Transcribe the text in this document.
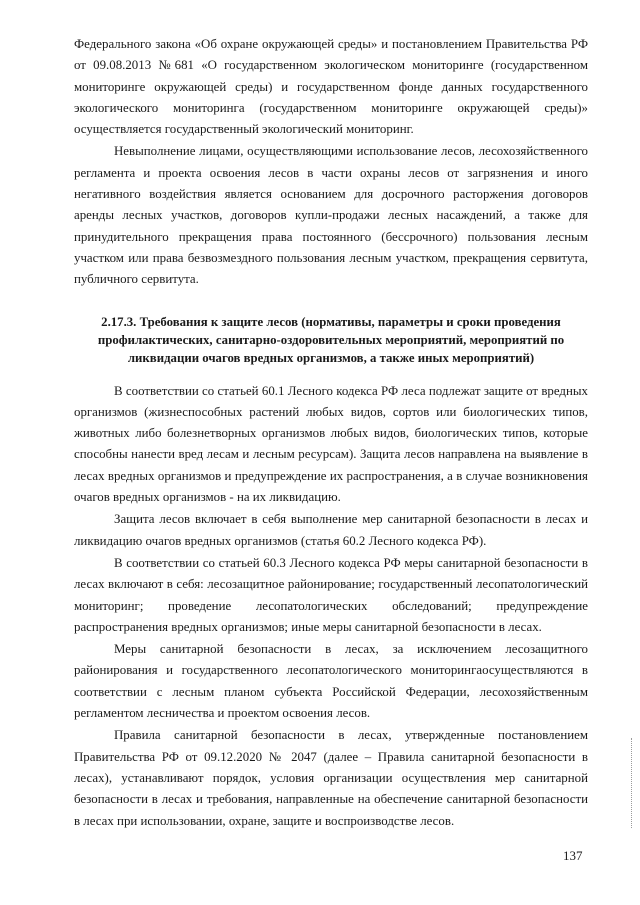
Федерального закона «Об охране окружающей среды» и постановлением Правительства РФ от 09.08.2013 №681 «О государственном экологическом мониторинге (государственном мониторинге окружающей среды) и государственном фонде данных государственного экологического мониторинга (государственном мониторинге окружающей среды)» осуществляется государственный экологический мониторинг.

Невыполнение лицами, осуществляющими использование лесов, лесохозяйственного регламента и проекта освоения лесов в части охраны лесов от загрязнения и иного негативного воздействия является основанием для досрочного расторжения договоров аренды лесных участков, договоров купли-продажи лесных насаждений, а также для принудительного прекращения права постоянного (бессрочного) пользования лесным участком или права безвозмездного пользования лесным участком, прекращения сервитута, публичного сервитута.

2.17.3. Требования к защите лесов (нормативы, параметры и сроки проведения профилактических, санитарно-оздоровительных мероприятий, мероприятий по ликвидации очагов вредных организмов, а также иных мероприятий)

В соответствии со статьей 60.1 Лесного кодекса РФ леса подлежат защите от вредных организмов (жизнеспособных растений любых видов, сортов или биологических типов, животных либо болезнетворных организмов любых видов, биологических типов, которые способны нанести вред лесам и лесным ресурсам). Защита лесов направлена на выявление в лесах вредных организмов и предупреждение их распространения, а в случае возникновения очагов вредных организмов - на их ликвидацию.

Защита лесов включает в себя выполнение мер санитарной безопасности в лесах и ликвидацию очагов вредных организмов (статья 60.2 Лесного кодекса РФ).

В соответствии со статьей 60.3 Лесного кодекса РФ меры санитарной безопасности в лесах включают в себя: лесозащитное районирование; государственный лесопатологический мониторинг; проведение лесопатологических обследований; предупреждение распространения вредных организмов; иные меры санитарной безопасности в лесах.

Меры санитарной безопасности в лесах, за исключением лесозащитного районирования и государственного лесопатологического мониторингаосуществляются в соответствии с лесным планом субъекта Российской Федерации, лесохозяйственным регламентом лесничества и проектом освоения лесов.

Правила санитарной безопасности в лесах, утвержденные постановлением Правительства РФ от 09.12.2020 № 2047 (далее – Правила санитарной безопасности в лесах), устанавливают порядок, условия организации осуществления мер санитарной безопасности в лесах и требования, направленные на обеспечение санитарной безопасности в лесах при использовании, охране, защите и воспроизводстве лесов.

137
